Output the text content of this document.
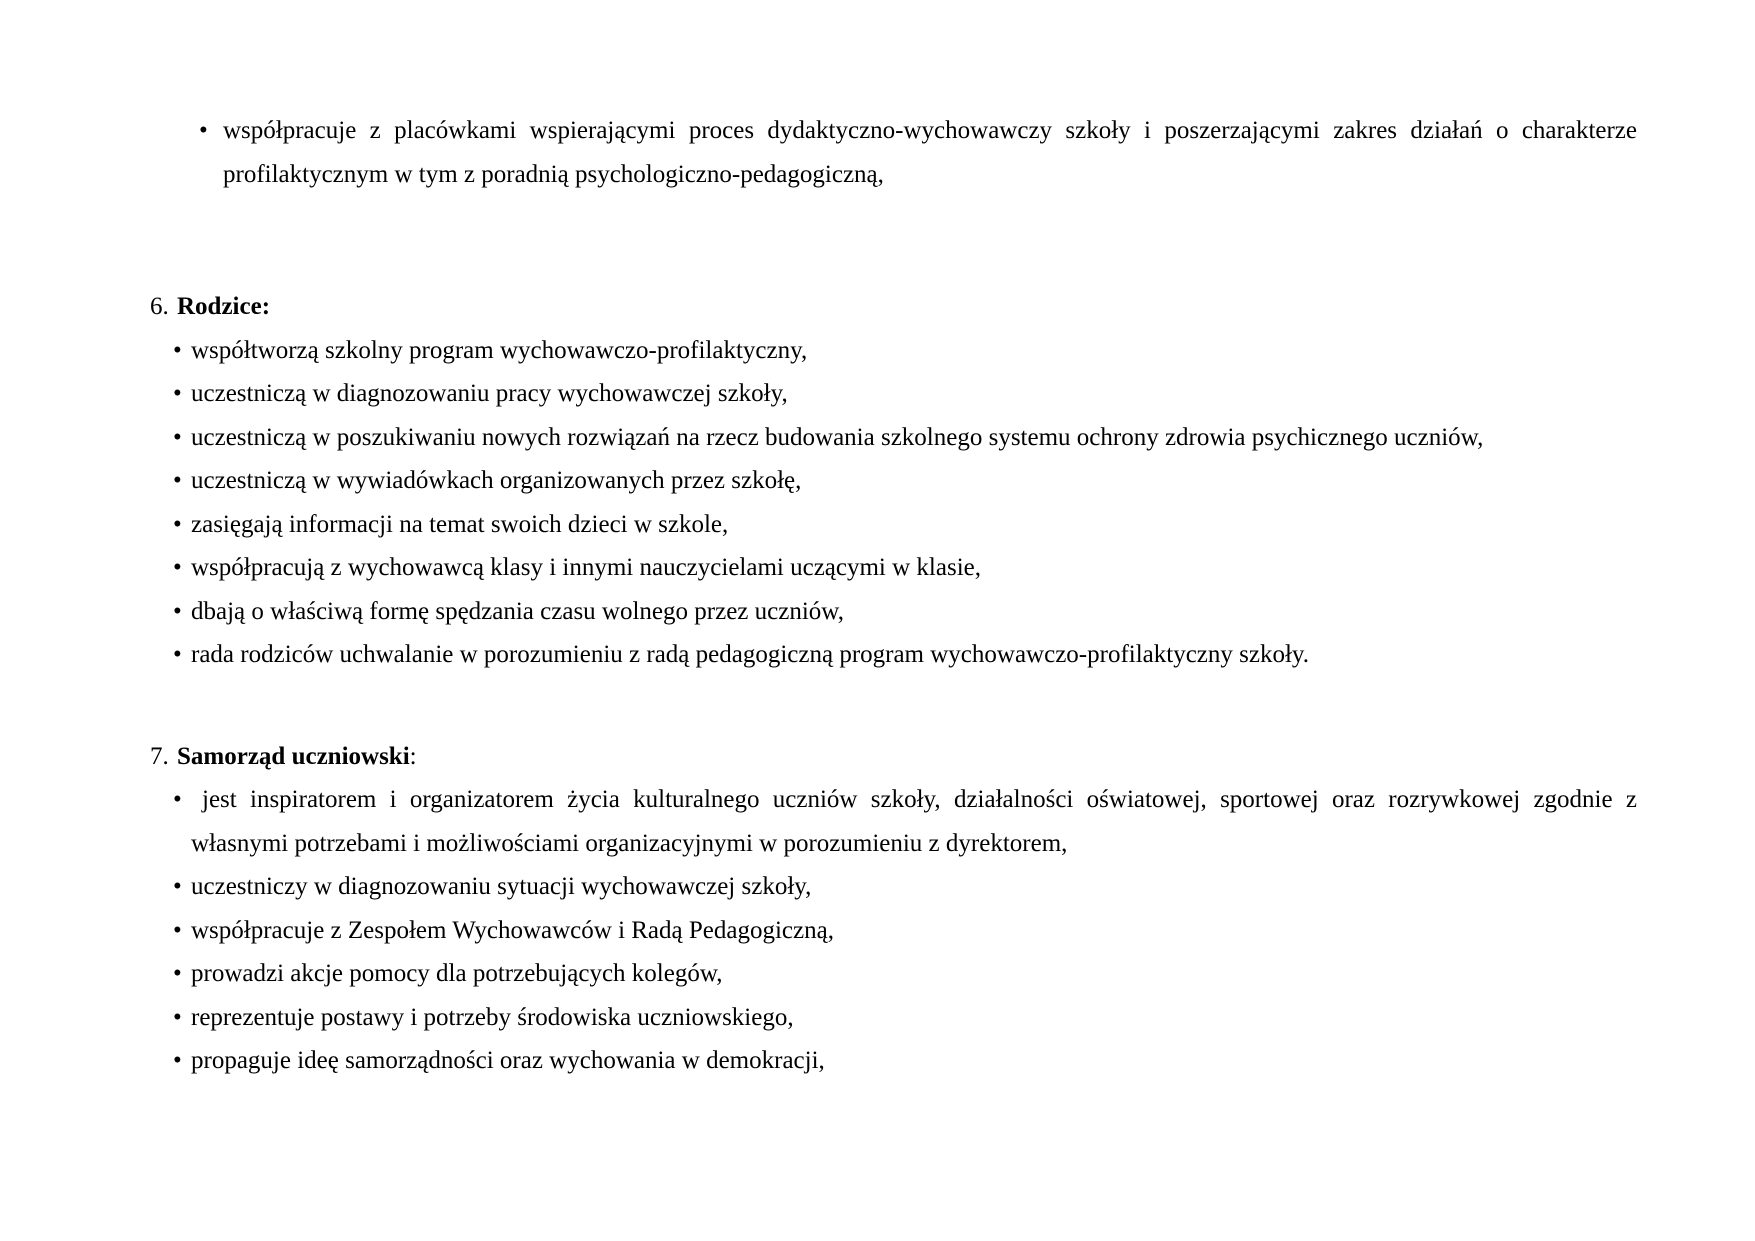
• współpracuje z placówkami wspierającymi proces dydaktyczno-wychowawczy szkoły i poszerzającymi zakres działań o charakterze
profilaktycznym w tym z poradnią psychologiczno-pedagogiczną,
6. Rodzice:
• współtworzą szkolny program wychowawczo-profilaktyczny,
• uczestniczą w diagnozowaniu pracy wychowawczej szkoły,
• uczestniczą w poszukiwaniu nowych rozwiązań na rzecz budowania szkolnego systemu ochrony zdrowia psychicznego uczniów,
• uczestniczą w wywiadówkach organizowanych przez szkołę,
• zasięgają informacji na temat swoich dzieci w szkole,
• współpracują z wychowawcą klasy i innymi nauczycielami uczącymi w klasie,
• dbają o właściwą formę spędzania czasu wolnego przez uczniów,
• rada rodziców uchwalanie w porozumieniu z radą pedagogiczną program wychowawczo-profilaktyczny szkoły.
7. Samorząd uczniowski:
• jest inspiratorem i organizatorem życia kulturalnego uczniów szkoły, działalności oświatowej, sportowej oraz rozrywkowej zgodnie z
własnymi potrzebami i możliwościami organizacyjnymi w porozumieniu z dyrektorem,
• uczestniczy w diagnozowaniu sytuacji wychowawczej szkoły,
• współpracuje z Zespołem Wychowawców i Radą Pedagogiczną,
• prowadzi akcje pomocy dla potrzebujących kolegów,
• reprezentuje postawy i potrzeby środowiska uczniowskiego,
• propaguje ideę samorządności oraz wychowania w demokracji,
